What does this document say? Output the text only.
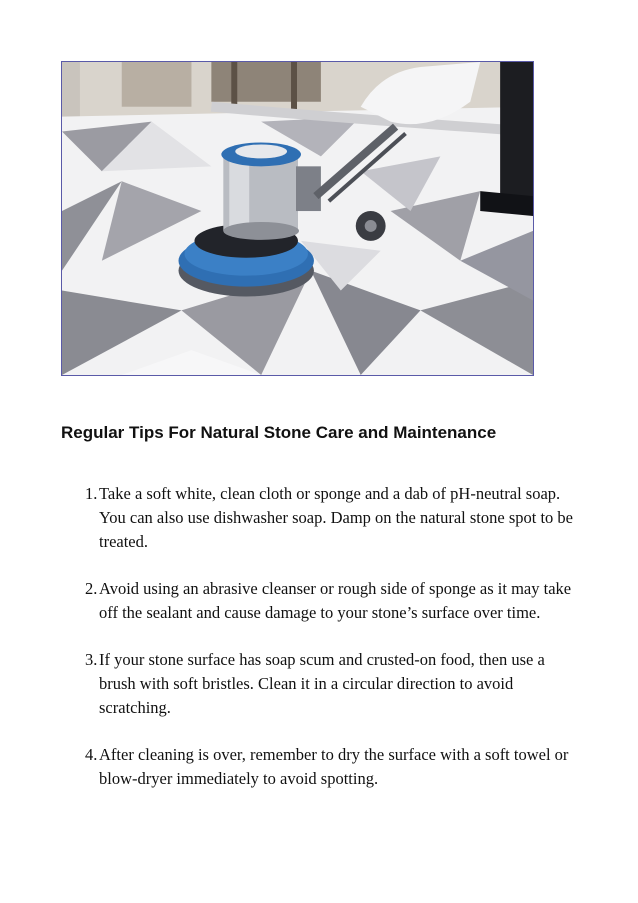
Regular Tips For Natural Stone Care and Maintenance
1. Take a soft white, clean cloth or sponge and a dab of pH-neutral soap. You can also use dishwasher soap. Damp on the natural stone spot to be treated.
2. Avoid using an abrasive cleanser or rough side of sponge as it may take off the sealant and cause damage to your stone’s surface over time.
3. If your stone surface has soap scum and crusted-on food, then use a brush with soft bristles. Clean it in a circular direction to avoid scratching.
4. After cleaning is over, remember to dry the surface with a soft towel or blow-dryer immediately to avoid spotting.
